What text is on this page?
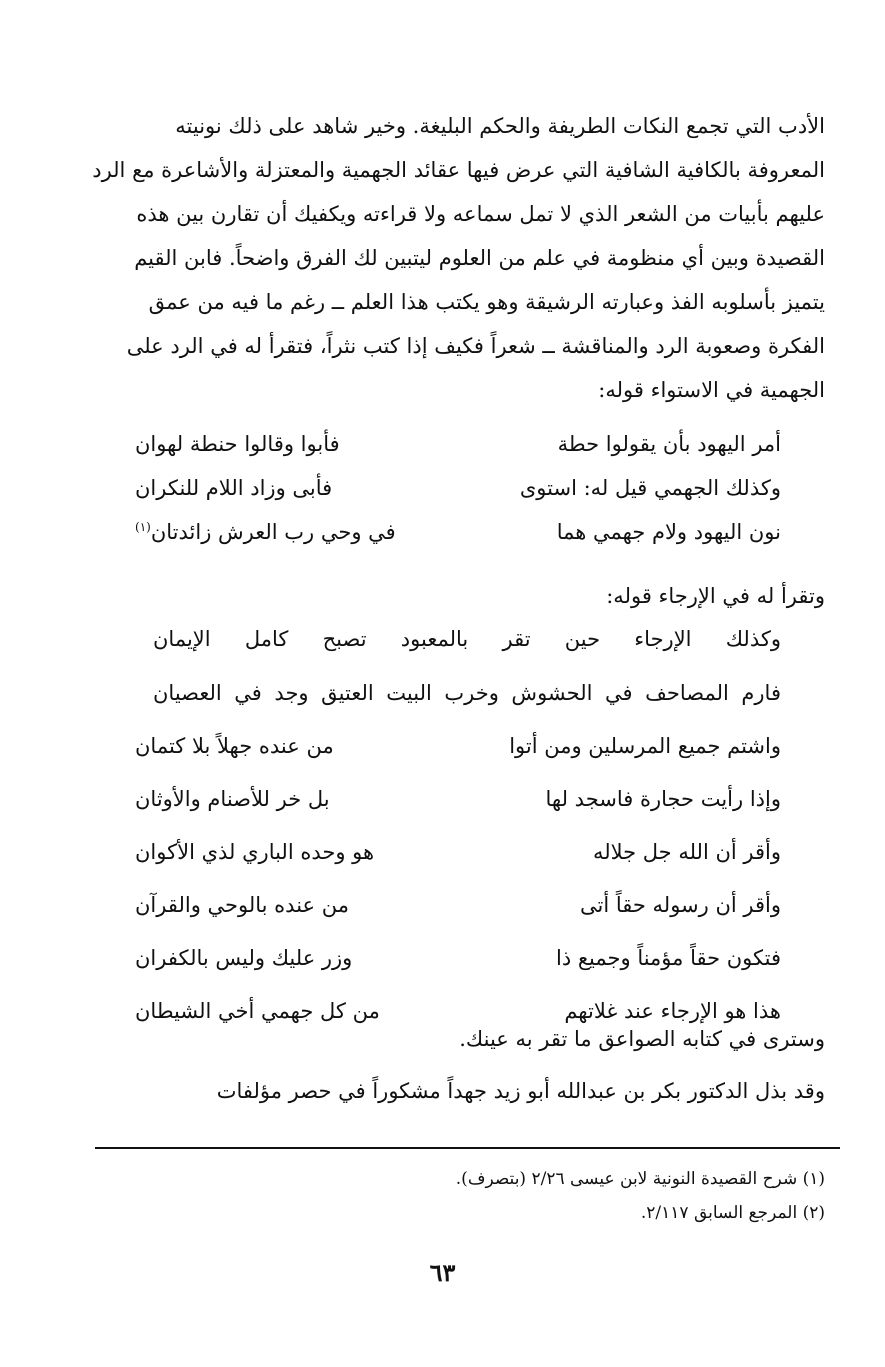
الأدب التي تجمع النكات الطريفة والحكم البليغة. وخير شاهد على ذلك نونيته
المعروفة بالكافية الشافية التي عرض فيها عقائد الجهمية والمعتزلة والأشاعرة مع الرد
عليهم بأبيات من الشعر الذي لا تمل سماعه ولا قراءته ويكفيك أن تقارن بين هذه
القصيدة وبين أي منظومة في علم من العلوم ليتبين لك الفرق واضحاً. فابن القيم
يتميز بأسلوبه الفذ وعبارته الرشيقة وهو يكتب هذا العلم ــ رغم ما فيه من عمق
الفكرة وصعوبة الرد والمناقشة ــ شعراً فكيف إذا كتب نثراً، فتقرأ له في الرد على
الجهمية في الاستواء قوله:

أمر اليهود بأن يقولوا حطة
فأبوا وقالوا حنطة لهوان
وكذلك الجهمي قيل له: استوى
فأبى وزاد اللام للنكران
نون اليهود ولام جهمي هما
في وحي رب العرش زائدتان$^{(١)}$
وتقرأ له في الإرجاء قوله:
وكذلك الإرجاء حين تقر بالمعبود تصبح كامل الإيمان
فارم المصاحف في الحشوش وخرب البيت العتيق وجد في العصيان
واشتم جميع المرسلين ومن أتوا
من عنده جهلاً بلا كتمان
وإذا رأيت حجارة فاسجد لها
بل خر للأصنام والأوثان
وأقر أن الله جل جلاله
هو وحده الباري لذي الأكوان
وأقر أن رسوله حقاً أتى
من عنده بالوحي والقرآن
فتكون حقاً مؤمناً وجميع ذا
وزر عليك وليس بالكفران
هذا هو الإرجاء عند غلاتهم
من كل جهمي أخي الشيطان

وسترى في كتابه الصواعق ما تقر به عينك.

وقد بذل الدكتور بكر بن عبدالله أبو زيد جهداً مشكوراً في حصر مؤلفات

(١) شرح القصيدة النونية لابن عيسى ٢/٢٦ (بتصرف).
(٢) المرجع السابق ٢/١١٧.
٦٣
